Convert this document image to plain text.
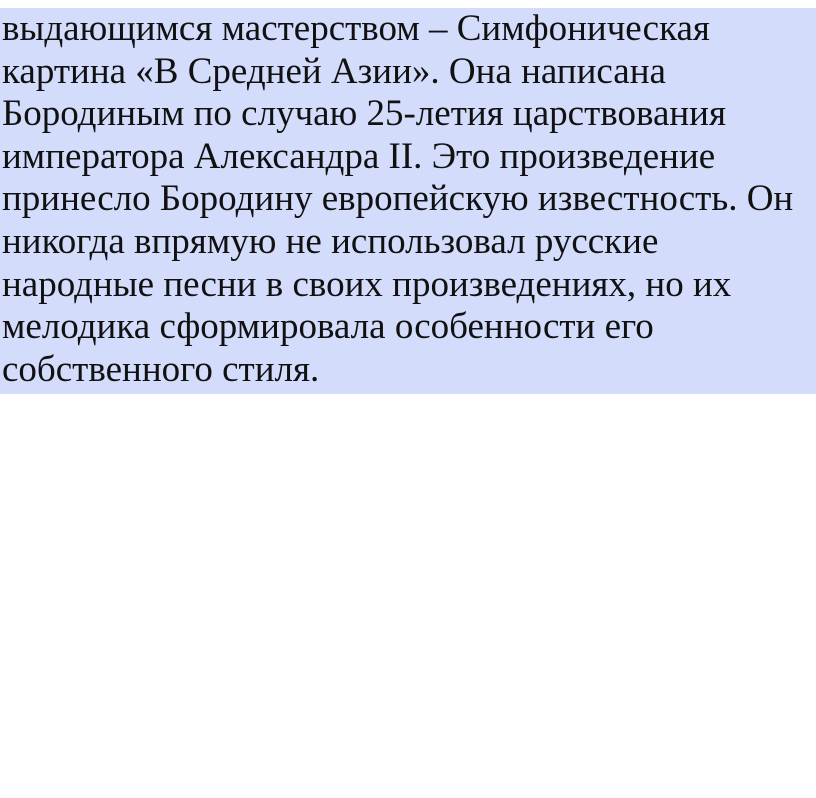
выдающимся мастерством – Симфоническая
картина «В Средней Азии». Она написана
Бородиным по случаю 25-летия царствования
императора Александра II. Это произведение
принесло Бородину европейскую известность. Он
никогда впрямую не использовал русские
народные песни в своих произведениях, но их
мелодика сформировала особенности его
собственного стиля.
